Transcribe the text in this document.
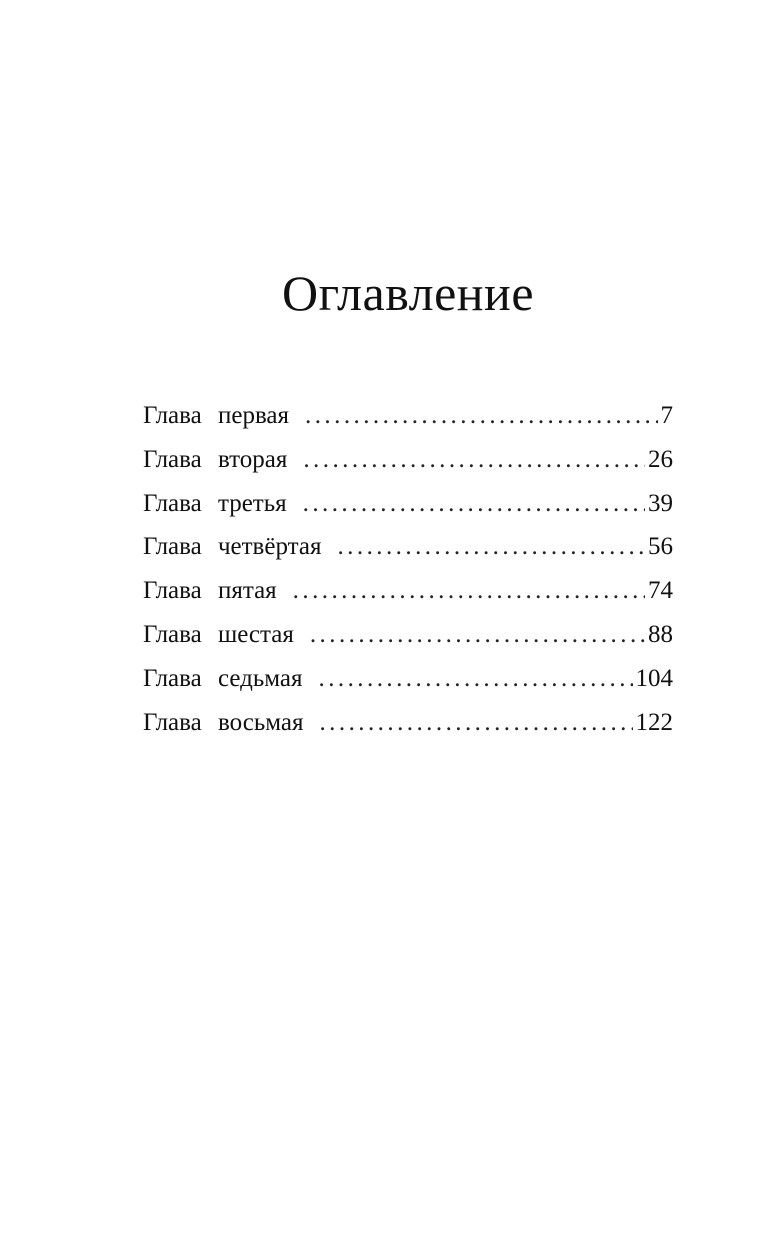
Оглавление
Глава первая . . .	7
Глава вторая . . .	26
Глава третья . . .	39
Глава четвёртая . . .	56
Глава пятая . . .	74
Глава шестая . . .	88
Глава седьмая . . .	104
Глава восьмая . . .	122
